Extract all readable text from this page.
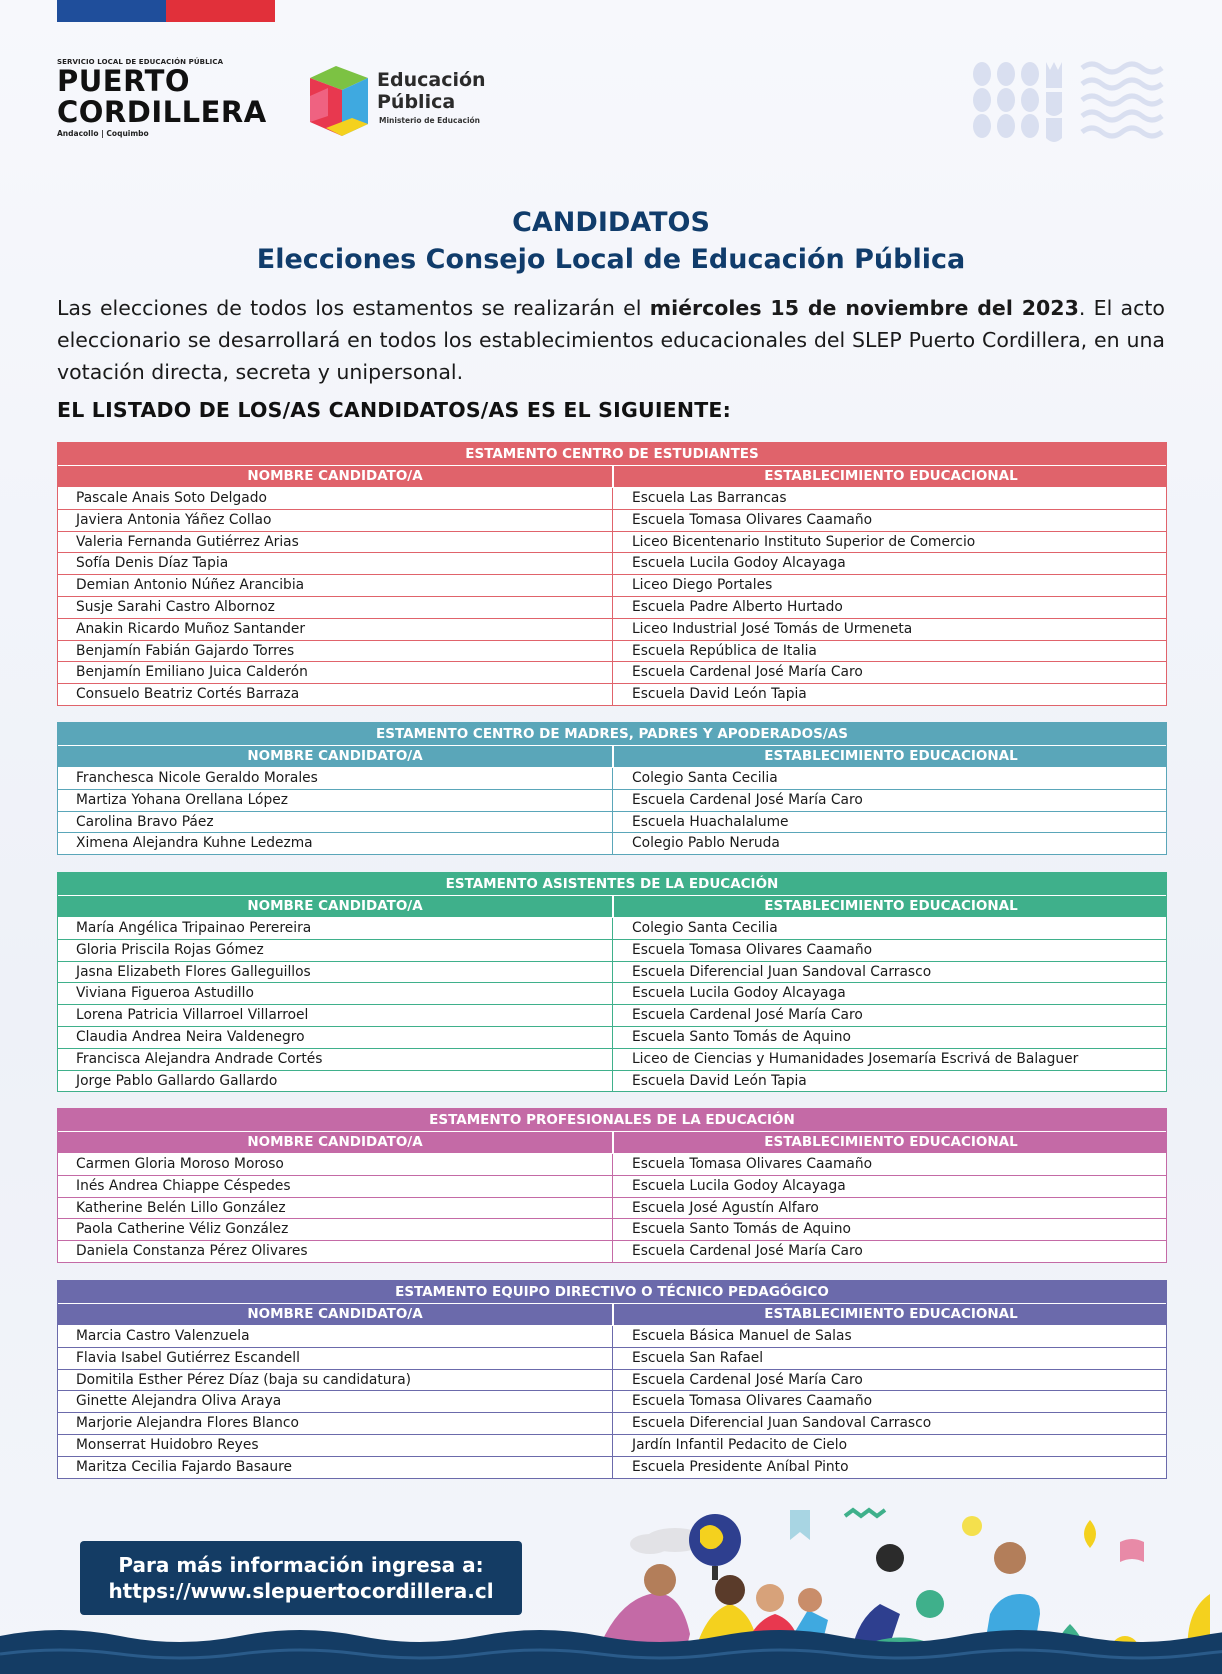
SERVICIO LOCAL DE EDUCACIÓN PÚBLICA
PUERTO
CORDILLERA
Andacollo | Coquimbo
Educación
Pública
Ministerio de Educación
CANDIDATOS
Elecciones Consejo Local de Educación Pública
Las elecciones de todos los estamentos se realizarán el miércoles 15 de noviembre del 2023. El acto eleccionario se desarrollará en todos los establecimientos educacionales del SLEP Puerto Cordillera, en una votación directa, secreta y unipersonal.
EL LISTADO DE LOS/AS CANDIDATOS/AS ES EL SIGUIENTE:
ESTAMENTO CENTRO DE ESTUDIANTES
NOMBRE CANDIDATO/A	ESTABLECIMIENTO EDUCACIONAL
Pascale Anais Soto Delgado	Escuela Las Barrancas
Javiera Antonia Yáñez Collao	Escuela Tomasa Olivares Caamaño
Valeria Fernanda Gutiérrez Arias	Liceo Bicentenario Instituto Superior de Comercio
Sofía Denis Díaz Tapia	Escuela Lucila Godoy Alcayaga
Demian Antonio Núñez Arancibia	Liceo Diego Portales
Susje Sarahi Castro Albornoz	Escuela Padre Alberto Hurtado
Anakin Ricardo Muñoz Santander	Liceo Industrial José Tomás de Urmeneta
Benjamín Fabián Gajardo Torres	Escuela República de Italia
Benjamín Emiliano Juica Calderón	Escuela Cardenal José María Caro
Consuelo Beatriz Cortés Barraza	Escuela David León Tapia
ESTAMENTO CENTRO DE MADRES, PADRES Y APODERADOS/AS
NOMBRE CANDIDATO/A	ESTABLECIMIENTO EDUCACIONAL
Franchesca Nicole Geraldo Morales	Colegio Santa Cecilia
Martiza Yohana Orellana López	Escuela Cardenal José María Caro
Carolina Bravo Páez	Escuela Huachalalume
Ximena Alejandra Kuhne Ledezma	Colegio Pablo Neruda
ESTAMENTO ASISTENTES DE LA EDUCACIÓN
NOMBRE CANDIDATO/A	ESTABLECIMIENTO EDUCACIONAL
María Angélica Tripainao Perereira	Colegio Santa Cecilia
Gloria Priscila Rojas Gómez	Escuela Tomasa Olivares Caamaño
Jasna Elizabeth Flores Galleguillos	Escuela Diferencial Juan Sandoval Carrasco
Viviana Figueroa Astudillo	Escuela Lucila Godoy Alcayaga
Lorena Patricia Villarroel Villarroel	Escuela Cardenal José María Caro
Claudia Andrea Neira Valdenegro	Escuela Santo Tomás de Aquino
Francisca Alejandra Andrade Cortés	Liceo de Ciencias y Humanidades Josemaría Escrivá de Balaguer
Jorge Pablo Gallardo Gallardo	Escuela David León Tapia
ESTAMENTO PROFESIONALES DE LA EDUCACIÓN
NOMBRE CANDIDATO/A	ESTABLECIMIENTO EDUCACIONAL
Carmen Gloria Moroso Moroso	Escuela Tomasa Olivares Caamaño
Inés Andrea Chiappe Céspedes	Escuela Lucila Godoy Alcayaga
Katherine Belén Lillo González	Escuela José Agustín Alfaro
Paola Catherine Véliz González	Escuela Santo Tomás de Aquino
Daniela Constanza Pérez Olivares	Escuela Cardenal José María Caro
ESTAMENTO EQUIPO DIRECTIVO O TÉCNICO PEDAGÓGICO
NOMBRE CANDIDATO/A	ESTABLECIMIENTO EDUCACIONAL
Marcia Castro Valenzuela	Escuela Básica Manuel de Salas
Flavia Isabel Gutiérrez Escandell	Escuela San Rafael
Domitila Esther Pérez Díaz (baja su candidatura)	Escuela Cardenal José María Caro
Ginette Alejandra Oliva Araya	Escuela Tomasa Olivares Caamaño
Marjorie Alejandra Flores Blanco	Escuela Diferencial Juan Sandoval Carrasco
Monserrat Huidobro Reyes	Jardín Infantil Pedacito de Cielo
Maritza Cecilia Fajardo Basaure	Escuela Presidente Aníbal Pinto
Para más información ingresa a:
https://www.slepuertocordillera.cl
